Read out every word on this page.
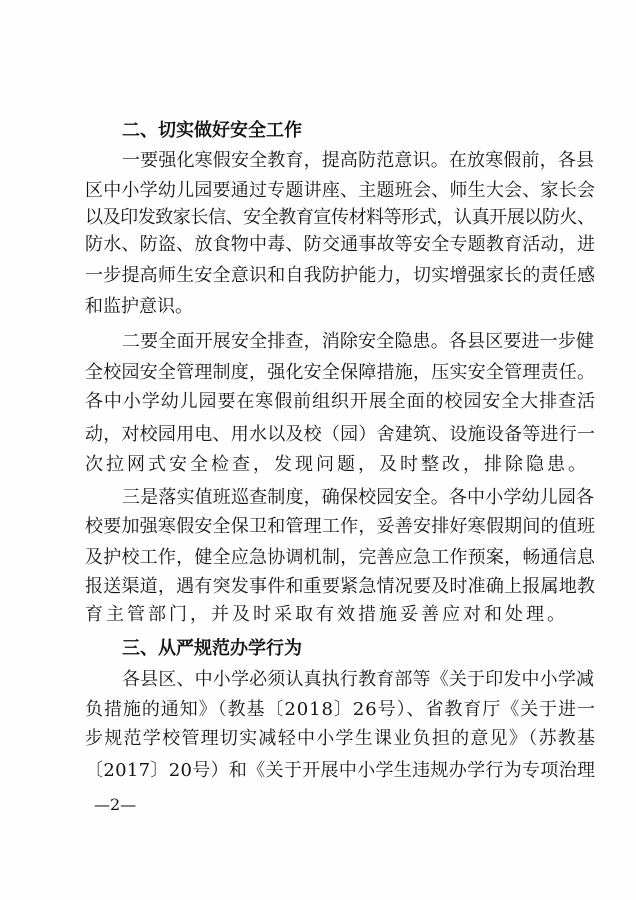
二、切实做好安全工作
一要强化寒假安全教育，提高防范意识。在放寒假前，各县
区中小学幼儿园要通过专题讲座、主题班会、师生大会、家长会
以及印发致家长信、安全教育宣传材料等形式，认真开展以防火、
防水、防盗、放食物中毒、防交通事故等安全专题教育活动，进
一步提高师生安全意识和自我防护能力，切实增强家长的责任感
和监护意识。
二要全面开展安全排查，消除安全隐患。各县区要进一步健
全校园安全管理制度，强化安全保障措施，压实安全管理责任。
各中小学幼儿园要在寒假前组织开展全面的校园安全大排查活
动，对校园用电、用水以及校（园）舍建筑、设施设备等进行一
次拉网式安全检查，发现问题，及时整改，排除隐患。
三是落实值班巡查制度，确保校园安全。各中小学幼儿园各
校要加强寒假安全保卫和管理工作，妥善安排好寒假期间的值班
及护校工作，健全应急协调机制，完善应急工作预案，畅通信息
报送渠道，遇有突发事件和重要紧急情况要及时准确上报属地教
育主管部门，并及时采取有效措施妥善应对和处理。
三、从严规范办学行为
各县区、中小学必须认真执行教育部等《关于印发中小学减
负措施的通知》（教基〔2018〕26号）、省教育厅《关于进一
步规范学校管理切实减轻中小学生课业负担的意见》（苏教基
〔2017〕20号）和《关于开展中小学生违规办学行为专项治理
—2—
